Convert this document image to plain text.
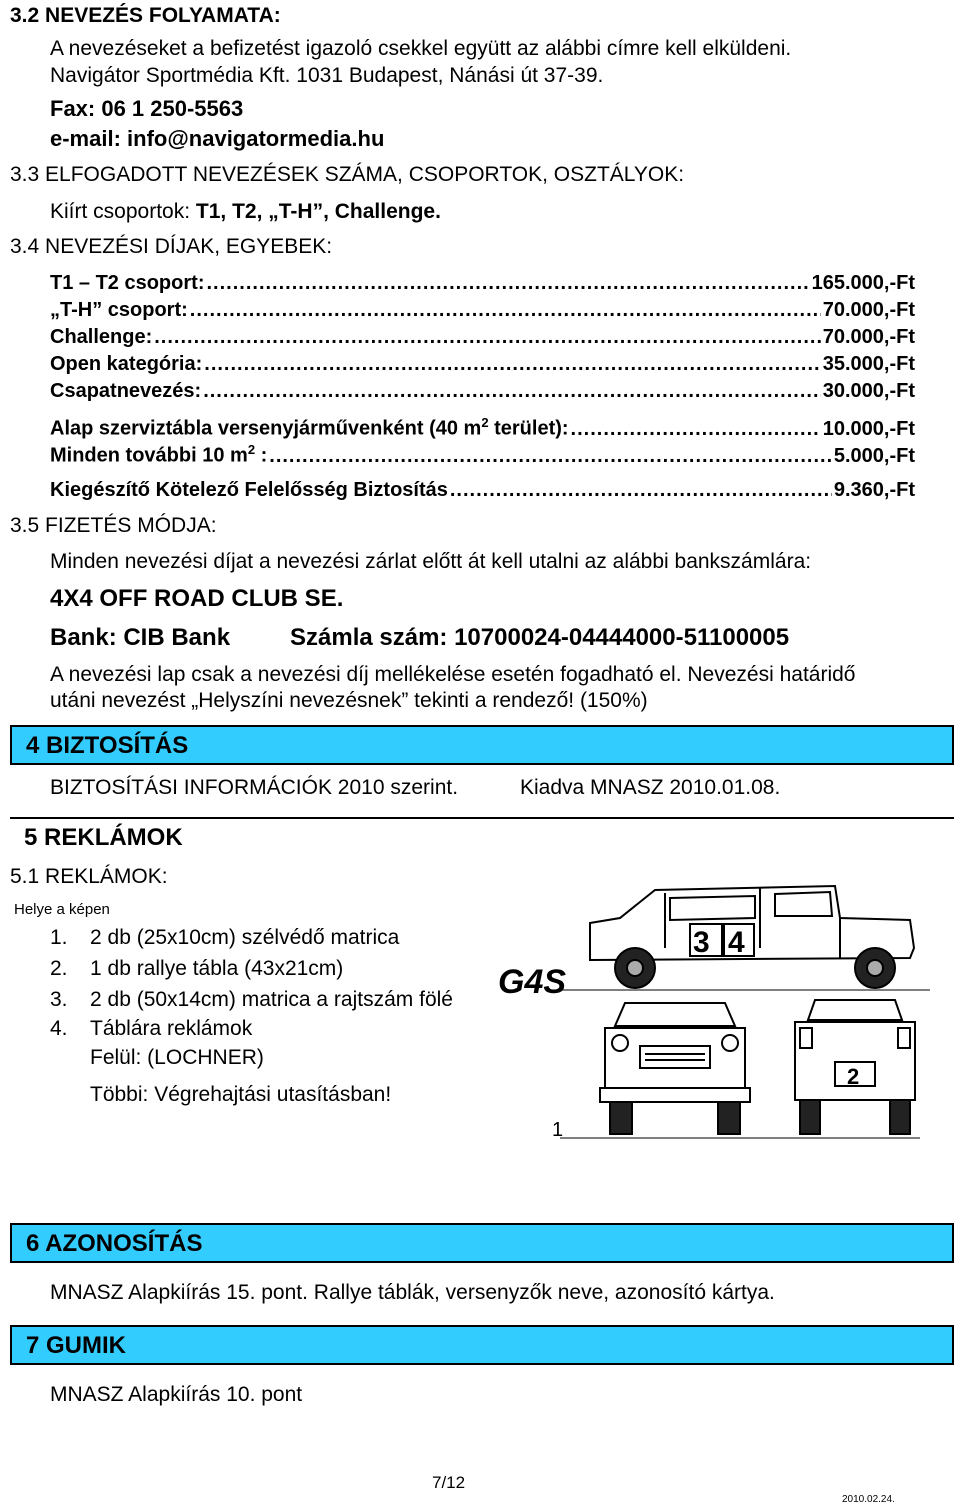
3.2 NEVEZÉS FOLYAMATA:
A nevezéseket a befizetést igazoló csekkel együtt az alábbi címre kell elküldeni.
Navigátor Sportmédia Kft. 1031 Budapest, Nánási út 37-39.
Fax: 06 1 250-5563
e-mail: info@navigatormedia.hu
3.3 ELFOGADOTT NEVEZÉSEK SZÁMA, CSOPORTOK, OSZTÁLYOK:
Kiírt csoportok: T1, T2, „T-H”, Challenge.
3.4 NEVEZÉSI DÍJAK, EGYEBEK:
T1 – T2 csoport: .....	165.000,-Ft
„T-H” csoport: .....	70.000,-Ft
Challenge: .....	70.000,-Ft
Open kategória: .....	35.000,-Ft
Csapatnevezés: .....	30.000,-Ft
Alap szerviztábla versenyjárművenként (40 $m^2$ terület): .....	10.000,-Ft
Minden további 10 $m^2$ : .....	5.000,-Ft
Kiegészítő Kötelező Felelősség Biztosítás .....	9.360,-Ft
3.5 FIZETÉS MÓDJA:
Minden nevezési díjat a nevezési zárlat előtt át kell utalni az alábbi bankszámlára:
4X4 OFF ROAD CLUB SE.
Bank: CIB Bank Számla szám: 10700024-04444000-51100005
A nevezési lap csak a nevezési díj mellékelése esetén fogadható el. Nevezési határidő
utáni nevezést „Helyszíni nevezésnek” tekinti a rendező! (150%)
4 BIZTOSÍTÁS
BIZTOSÍTÁSI INFORMÁCIÓK 2010 szerint.	Kiadva MNASZ 2010.01.08.
5 REKLÁMOK
5.1 REKLÁMOK:
Helye a képen
1. 2 db (25x10cm) szélvédő matrica
2. 1 db rallye tábla (43x21cm)
3. 2 db (50x14cm) matrica a rajtszám fölé
4. Táblára reklámok
Felül: (LOCHNER)
Többi: Végrehajtási utasításban!
G4S
3 4
1
2
6 AZONOSÍTÁS
MNASZ Alapkiírás 15. pont. Rallye táblák, versenyzők neve, azonosító kártya.
7 GUMIK
MNASZ Alapkiírás 10. pont
7/12
2010.02.24.
